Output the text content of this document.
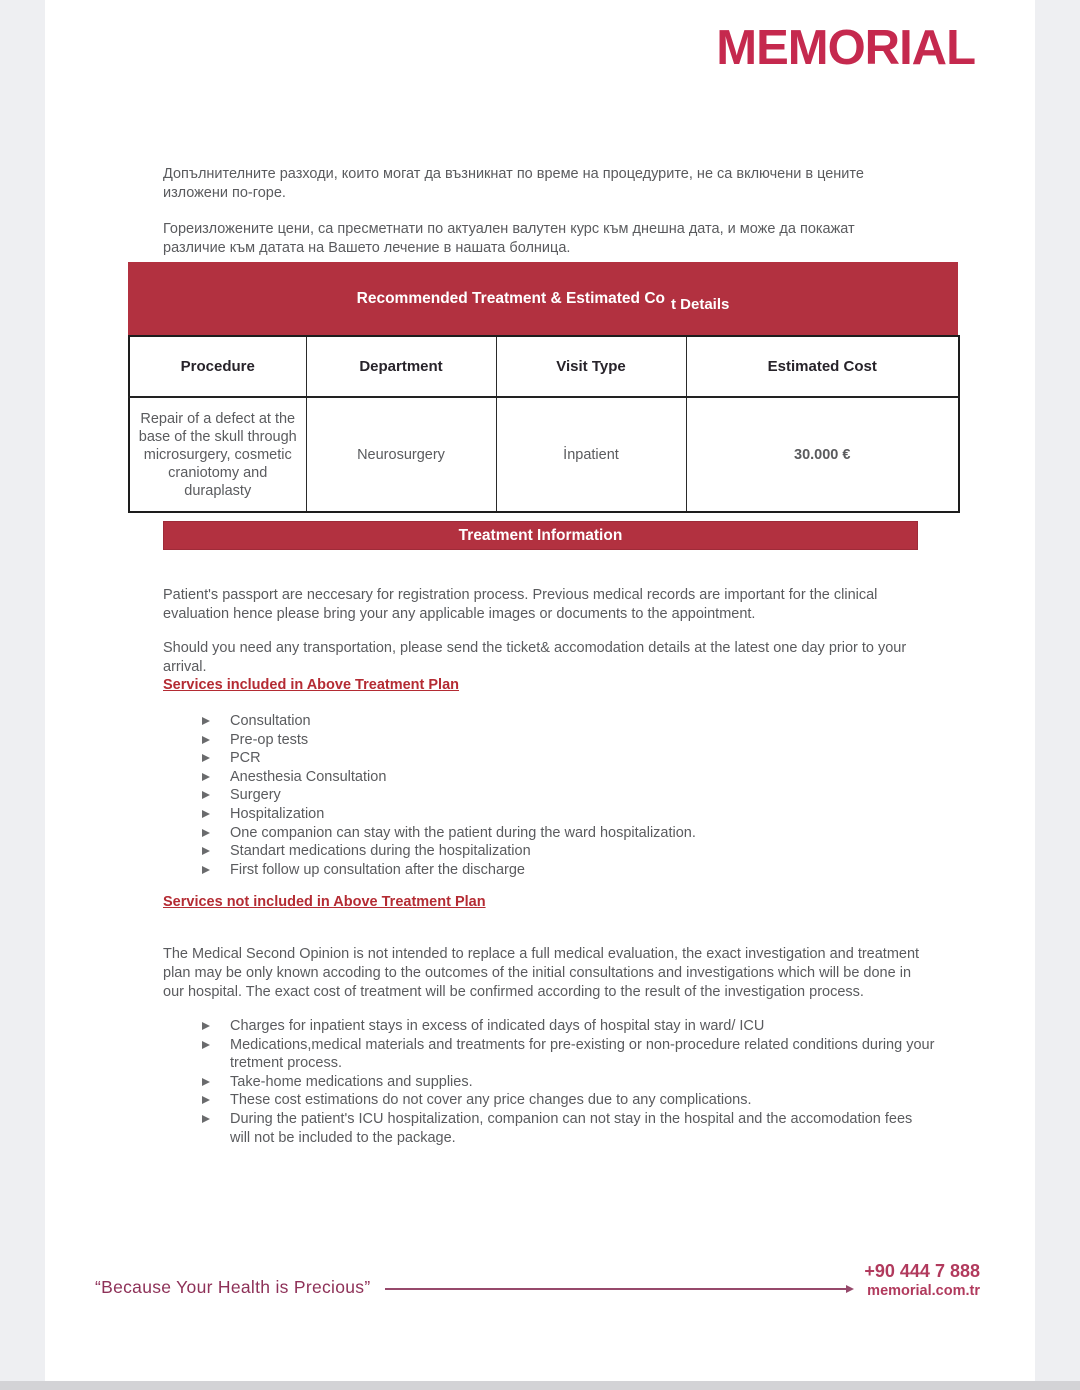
MEMORIAL

Допълнителните разходи, които могат да възникнат по време на процедурите, не са включени в цените изложени по-горе.

Гореизложените цени, са пресметнати по актуален валутен курс към днешна дата, и може да покажат различие към датата на Вашето лечение в нашата болница.

Recommended Treatment & Estimated Co t Details
Procedure	Department	Visit Type	Estimated Cost
Repair of a defect at the base of the skull through microsurgery, cosmetic craniotomy and duraplasty	Neurosurgery	İnpatient	30.000 €
Treatment Information

Patient's passport are neccesary for registration process. Previous medical records are important for the clinical evaluation hence please bring your any applicable images or documents to the appointment.

Should you need any transportation, please send the ticket& accomodation details at the latest one day prior to your arrival.

Services included in Above Treatment Plan
Consultation
Pre-op tests
PCR
Anesthesia Consultation
Surgery
Hospitalization
One companion can stay with the patient during the ward hospitalization.
Standart medications during the hospitalization
First follow up consultation after the discharge
Services not included in Above Treatment Plan

The Medical Second Opinion is not intended to replace a full medical evaluation, the exact investigation and treatment plan may be only known accoding to the outcomes of the initial consultations and investigations which will be done in our hospital. The exact cost of treatment will be confirmed according to the result of the investigation process.

Charges for inpatient stays in excess of indicated days of hospital stay in ward/ ICU
Medications,medical materials and treatments for pre-existing or non-procedure related conditions during your tretment process.
Take-home medications and supplies.
These cost estimations do not cover any price changes due to any complications.
During the patient's ICU hospitalization, companion can not stay in the hospital and the accomodation fees will not be included to the package.
“Because Your Health is Precious”
+90 444 7 888
memorial.com.tr
